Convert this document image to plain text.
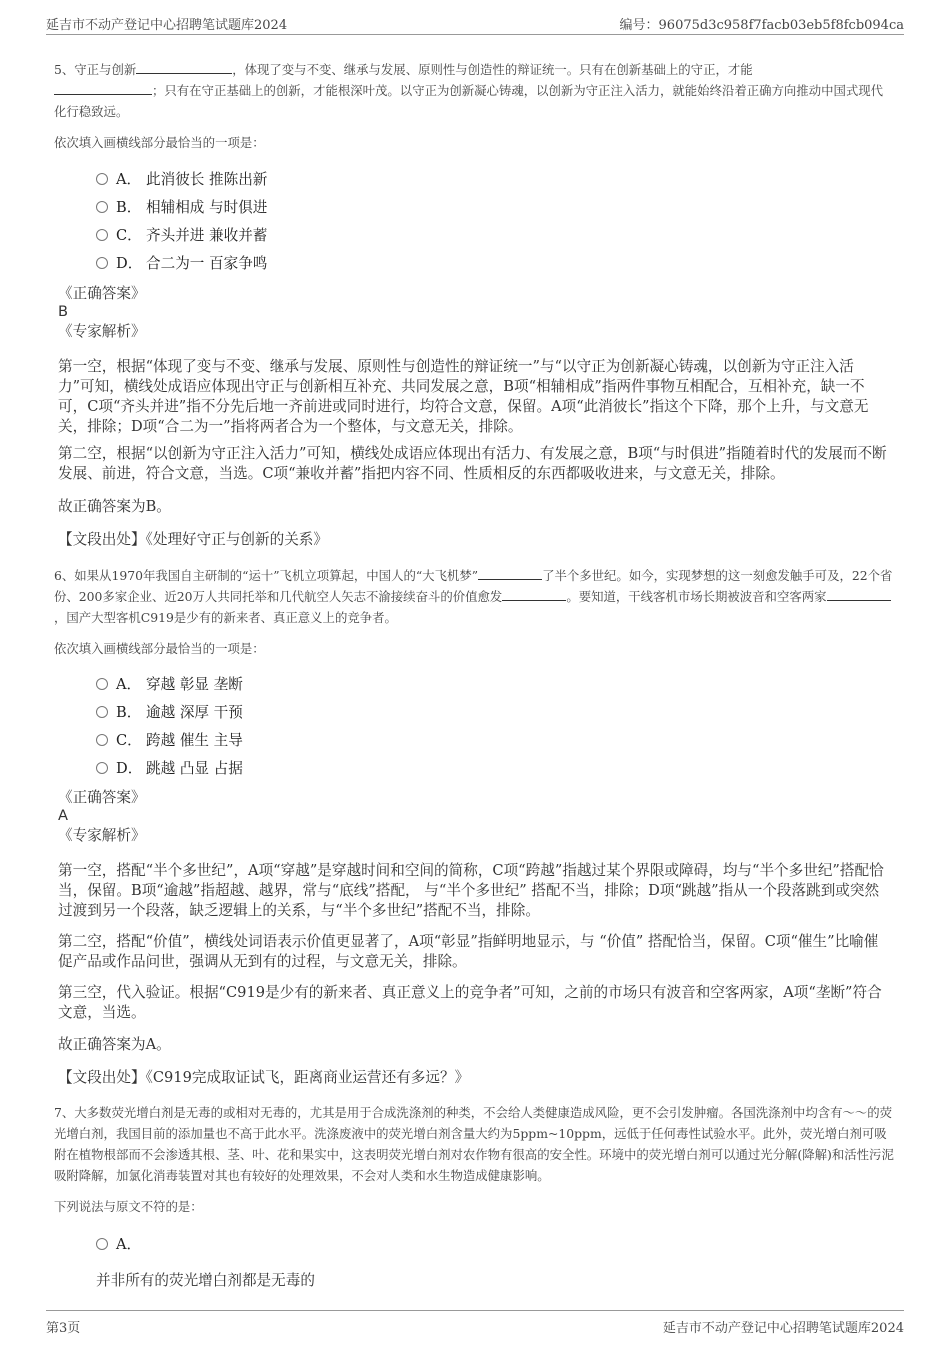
延吉市不动产登记中心招聘笔试题库2024	编号：96075d3c958f7facb03eb5f8fcb094ca

5、守正与创新	，体现了变与不变、继承与发展、原则性与创造性的辩证统一。只有在创新基础上的守正，才能
；只有在守正基础上的创新，才能根深叶茂。以守正为创新凝心铸魂，以创新为守正注入活力，就能始终沿着正确方向推动中国式现代化行稳致远。

依次填入画横线部分最恰当的一项是：
A． 此消彼长 推陈出新
B． 相辅相成 与时俱进
C． 齐头并进 兼收并蓄
D． 合二为一 百家争鸣
《正确答案》
B
《专家解析》
第一空，根据“体现了变与不变、继承与发展、原则性与创造性的辩证统一”与“以守正为创新凝心铸魂，以创新为守正注入活力”可知，横线处成语应体现出守正与创新相互补充、共同发展之意，B项“相辅相成”指两件事物互相配合，互相补充，缺一不可，C项“齐头并进”指不分先后地一齐前进或同时进行，均符合文意，保留。A项“此消彼长”指这个下降，那个上升，与文意无关，排除；D项“合二为一”指将两者合为一个整体，与文意无关，排除。
第二空，根据“以创新为守正注入活力”可知，横线处成语应体现出有活力、有发展之意，B项“与时俱进”指随着时代的发展而不断发展、前进，符合文意，当选。C项“兼收并蓄”指把内容不同、性质相反的东西都吸收进来，与文意无关，排除。
故正确答案为B。
【文段出处】《处理好守正与创新的关系》

6、如果从1970年我国自主研制的“运十”飞机立项算起，中国人的“大飞机梦”	了半个多世纪。如今，实现梦想的这一刻愈发触手可及，22个省份、200多家企业、近20万人共同托举和几代航空人矢志不渝接续奋斗的价值愈发	。要知道，干线客机市场长期被波音和空客两家，国产大型客机C919是少有的新来者、真正意义上的竞争者。

依次填入画横线部分最恰当的一项是：
A． 穿越 彰显 垄断
B． 逾越 深厚 干预
C． 跨越 催生 主导
D． 跳越 凸显 占据
《正确答案》
A
《专家解析》
第一空，搭配“半个多世纪”，A项“穿越”是穿越时间和空间的简称，C项“跨越”指越过某个界限或障碍，均与“半个多世纪”搭配恰当，保留。B项“逾越”指超越、越界，常与“底线”搭配， 与“半个多世纪” 搭配不当，排除；D项“跳越”指从一个段落跳到或突然过渡到另一个段落，缺乏逻辑上的关系，与“半个多世纪”搭配不当，排除。
第二空，搭配“价值”，横线处词语表示价值更显著了，A项“彰显”指鲜明地显示，与 “价值” 搭配恰当，保留。C项“催生”比喻催促产品或作品问世，强调从无到有的过程，与文意无关，排除。
第三空，代入验证。根据“C919是少有的新来者、真正意义上的竞争者”可知，之前的市场只有波音和空客两家，A项“垄断”符合文意，当选。
故正确答案为A。
【文段出处】《C919完成取证试飞，距离商业运营还有多远？》
7、大多数荧光增白剂是无毒的或相对无毒的，尤其是用于合成洗涤剂的种类，不会给人类健康造成风险，更不会引发肿瘤。各国洗涤剂中均含有～～的荧光增白剂，我国目前的添加量也不高于此水平。洗涤废液中的荧光增白剂含量大约为5ppm~10ppm，远低于任何毒性试验水平。此外，荧光增白剂可吸附在植物根部而不会渗透其根、茎、叶、花和果实中，这表明荧光增白剂对农作物有很高的安全性。环境中的荧光增白剂可以通过光分解(降解)和活性污泥吸附降解，加氯化消毒装置对其也有较好的处理效果，不会对人类和水生物造成健康影响。
下列说法与原文不符的是：
A．
并非所有的荧光增白剂都是无毒的
第3页	延吉市不动产登记中心招聘笔试题库2024
